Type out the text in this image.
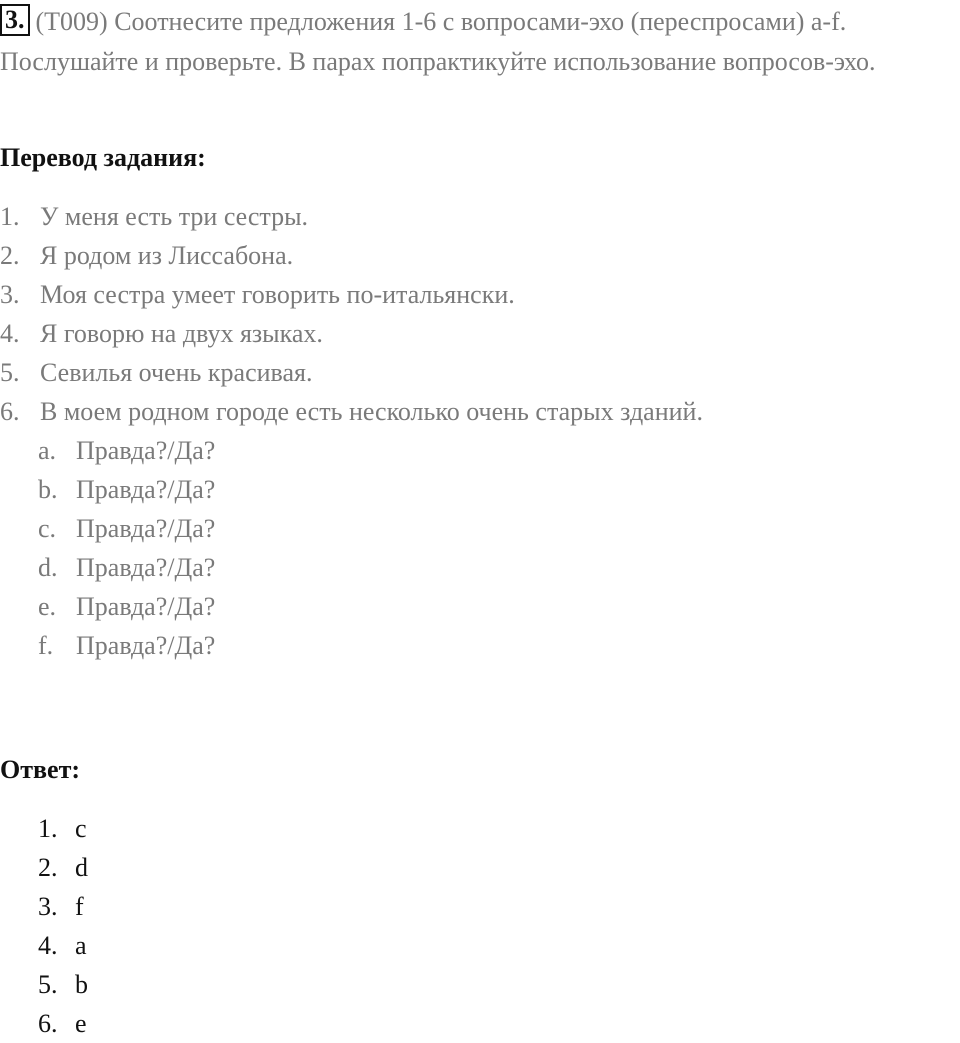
3. (T009) Соотнесите предложения 1-6 с вопросами-эхо (переспросами) a-f. Послушайте и проверьте. В парах попрактикуйте использование вопросов-эхо.
Перевод задания:
1. У меня есть три сестры.
2. Я родом из Лиссабона.
3. Моя сестра умеет говорить по-итальянски.
4. Я говорю на двух языках.
5. Севилья очень красивая.
6. В моем родном городе есть несколько очень старых зданий.
a. Правда?/Да?
b. Правда?/Да?
c. Правда?/Да?
d. Правда?/Да?
e. Правда?/Да?
f. Правда?/Да?
Ответ:
1. c
2. d
3. f
4. a
5. b
6. e
